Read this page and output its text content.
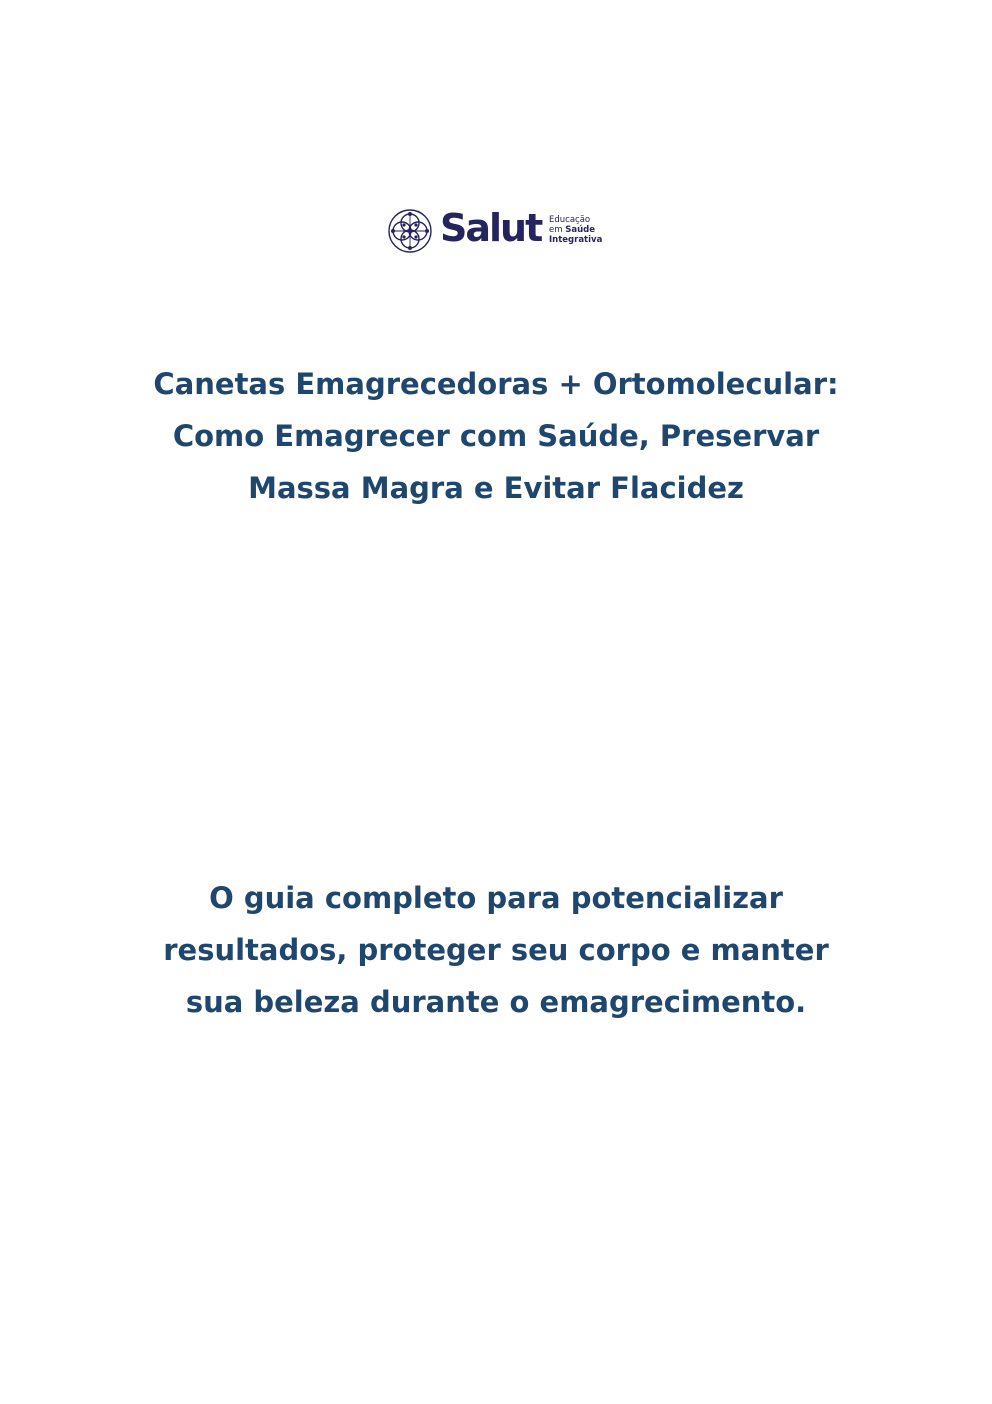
Salut Educação
em Saúde
Integrativa
Canetas Emagrecedoras + Ortomolecular:
Como Emagrecer com Saúde, Preservar
Massa Magra e Evitar Flacidez
O guia completo para potencializar
resultados, proteger seu corpo e manter
sua beleza durante o emagrecimento.
